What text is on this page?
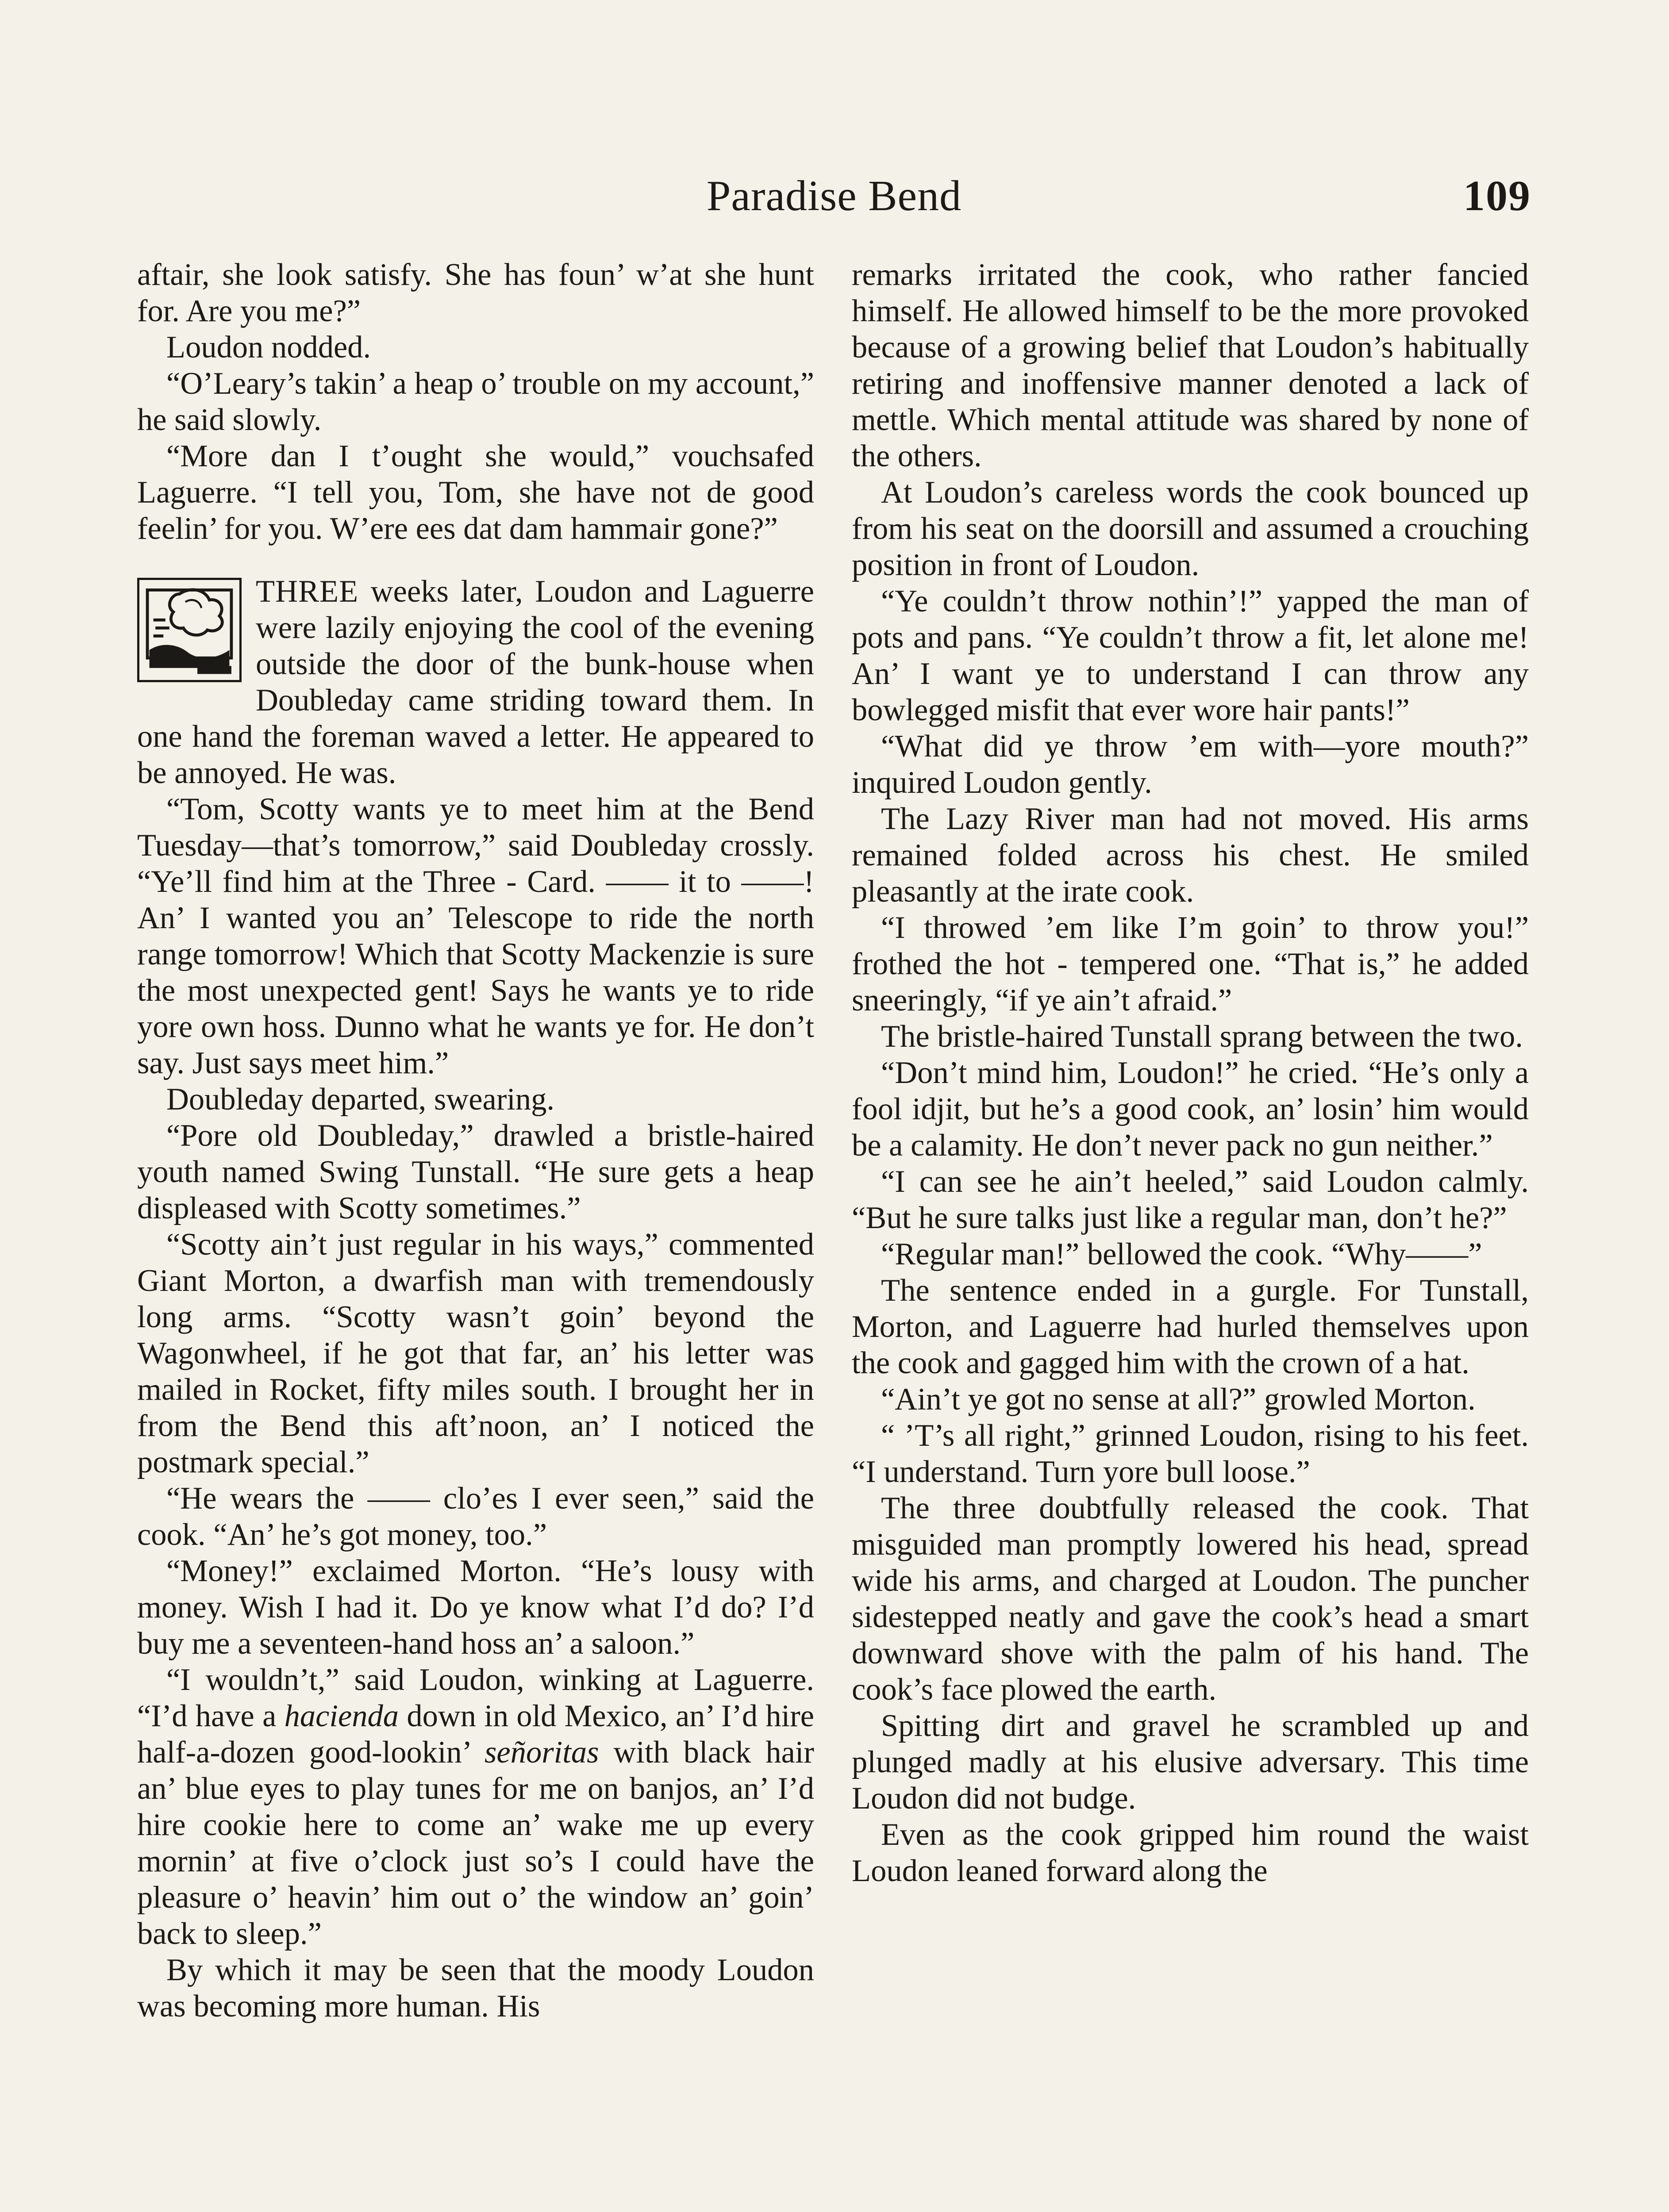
Paradise Bend	109

aftair, she look satisfy. She has foun’ w’at she hunt for. Are you me?”

Loudon nodded.

“O’Leary’s takin’ a heap o’ trouble on my account,” he said slowly.

“More dan I t’ought she would,” vouchsafed Laguerre. “I tell you, Tom, she have not de good feelin’ for you. W’ere ees dat dam hammair gone?”

THREE weeks later, Loudon and Laguerre were lazily enjoying the cool of the evening outside the door of the bunk-house when Doubleday came striding toward them. In one hand the foreman waved a letter. He appeared to be annoyed. He was.

“Tom, Scotty wants ye to meet him at the Bend Tuesday—that’s tomorrow,” said Doubleday crossly. “Ye’ll find him at the Three - Card. —— it to ——! An’ I wanted you an’ Telescope to ride the north range tomorrow! Which that Scotty Mackenzie is sure the most unexpected gent! Says he wants ye to ride yore own hoss. Dunno what he wants ye for. He don’t say. Just says meet him.”

Doubleday departed, swearing.

“Pore old Doubleday,” drawled a bristle-haired youth named Swing Tunstall. “He sure gets a heap displeased with Scotty sometimes.”

“Scotty ain’t just regular in his ways,” commented Giant Morton, a dwarfish man with tremendously long arms. “Scotty wasn’t goin’ beyond the Wagonwheel, if he got that far, an’ his letter was mailed in Rocket, fifty miles south. I brought her in from the Bend this aft’noon, an’ I noticed the postmark special.”

“He wears the —— clo’es I ever seen,” said the cook. “An’ he’s got money, too.”

“Money!” exclaimed Morton. “He’s lousy with money. Wish I had it. Do ye know what I’d do? I’d buy me a seventeen-hand hoss an’ a saloon.”

“I wouldn’t,” said Loudon, winking at Laguerre. “I’d have a hacienda down in old Mexico, an’ I’d hire half-a-dozen good-lookin’ señoritas with black hair an’ blue eyes to play tunes for me on banjos, an’ I’d hire cookie here to come an’ wake me up every mornin’ at five o’clock just so’s I could have the pleasure o’ heavin’ him out o’ the window an’ goin’ back to sleep.”

By which it may be seen that the moody Loudon was becoming more human. His

remarks irritated the cook, who rather fancied himself. He allowed himself to be the more provoked because of a growing belief that Loudon’s habitually retiring and inoffensive manner denoted a lack of mettle. Which mental attitude was shared by none of the others.

At Loudon’s careless words the cook bounced up from his seat on the doorsill and assumed a crouching position in front of Loudon.

“Ye couldn’t throw nothin’!” yapped the man of pots and pans. “Ye couldn’t throw a fit, let alone me! An’ I want ye to understand I can throw any bowlegged misfit that ever wore hair pants!”

“What did ye throw ’em with—yore mouth?” inquired Loudon gently.

The Lazy River man had not moved. His arms remained folded across his chest. He smiled pleasantly at the irate cook.

“I throwed ’em like I’m goin’ to throw you!” frothed the hot - tempered one. “That is,” he added sneeringly, “if ye ain’t afraid.”

The bristle-haired Tunstall sprang between the two.

“Don’t mind him, Loudon!” he cried. “He’s only a fool idjit, but he’s a good cook, an’ losin’ him would be a calamity. He don’t never pack no gun neither.”

“I can see he ain’t heeled,” said Loudon calmly. “But he sure talks just like a regular man, don’t he?”

“Regular man!” bellowed the cook. “Why——”

The sentence ended in a gurgle. For Tunstall, Morton, and Laguerre had hurled themselves upon the cook and gagged him with the crown of a hat.

“Ain’t ye got no sense at all?” growled Morton.

“ ’T’s all right,” grinned Loudon, rising to his feet. “I understand. Turn yore bull loose.”

The three doubtfully released the cook. That misguided man promptly lowered his head, spread wide his arms, and charged at Loudon. The puncher sidestepped neatly and gave the cook’s head a smart downward shove with the palm of his hand. The cook’s face plowed the earth.

Spitting dirt and gravel he scrambled up and plunged madly at his elusive adversary. This time Loudon did not budge.

Even as the cook gripped him round the waist Loudon leaned forward along the
